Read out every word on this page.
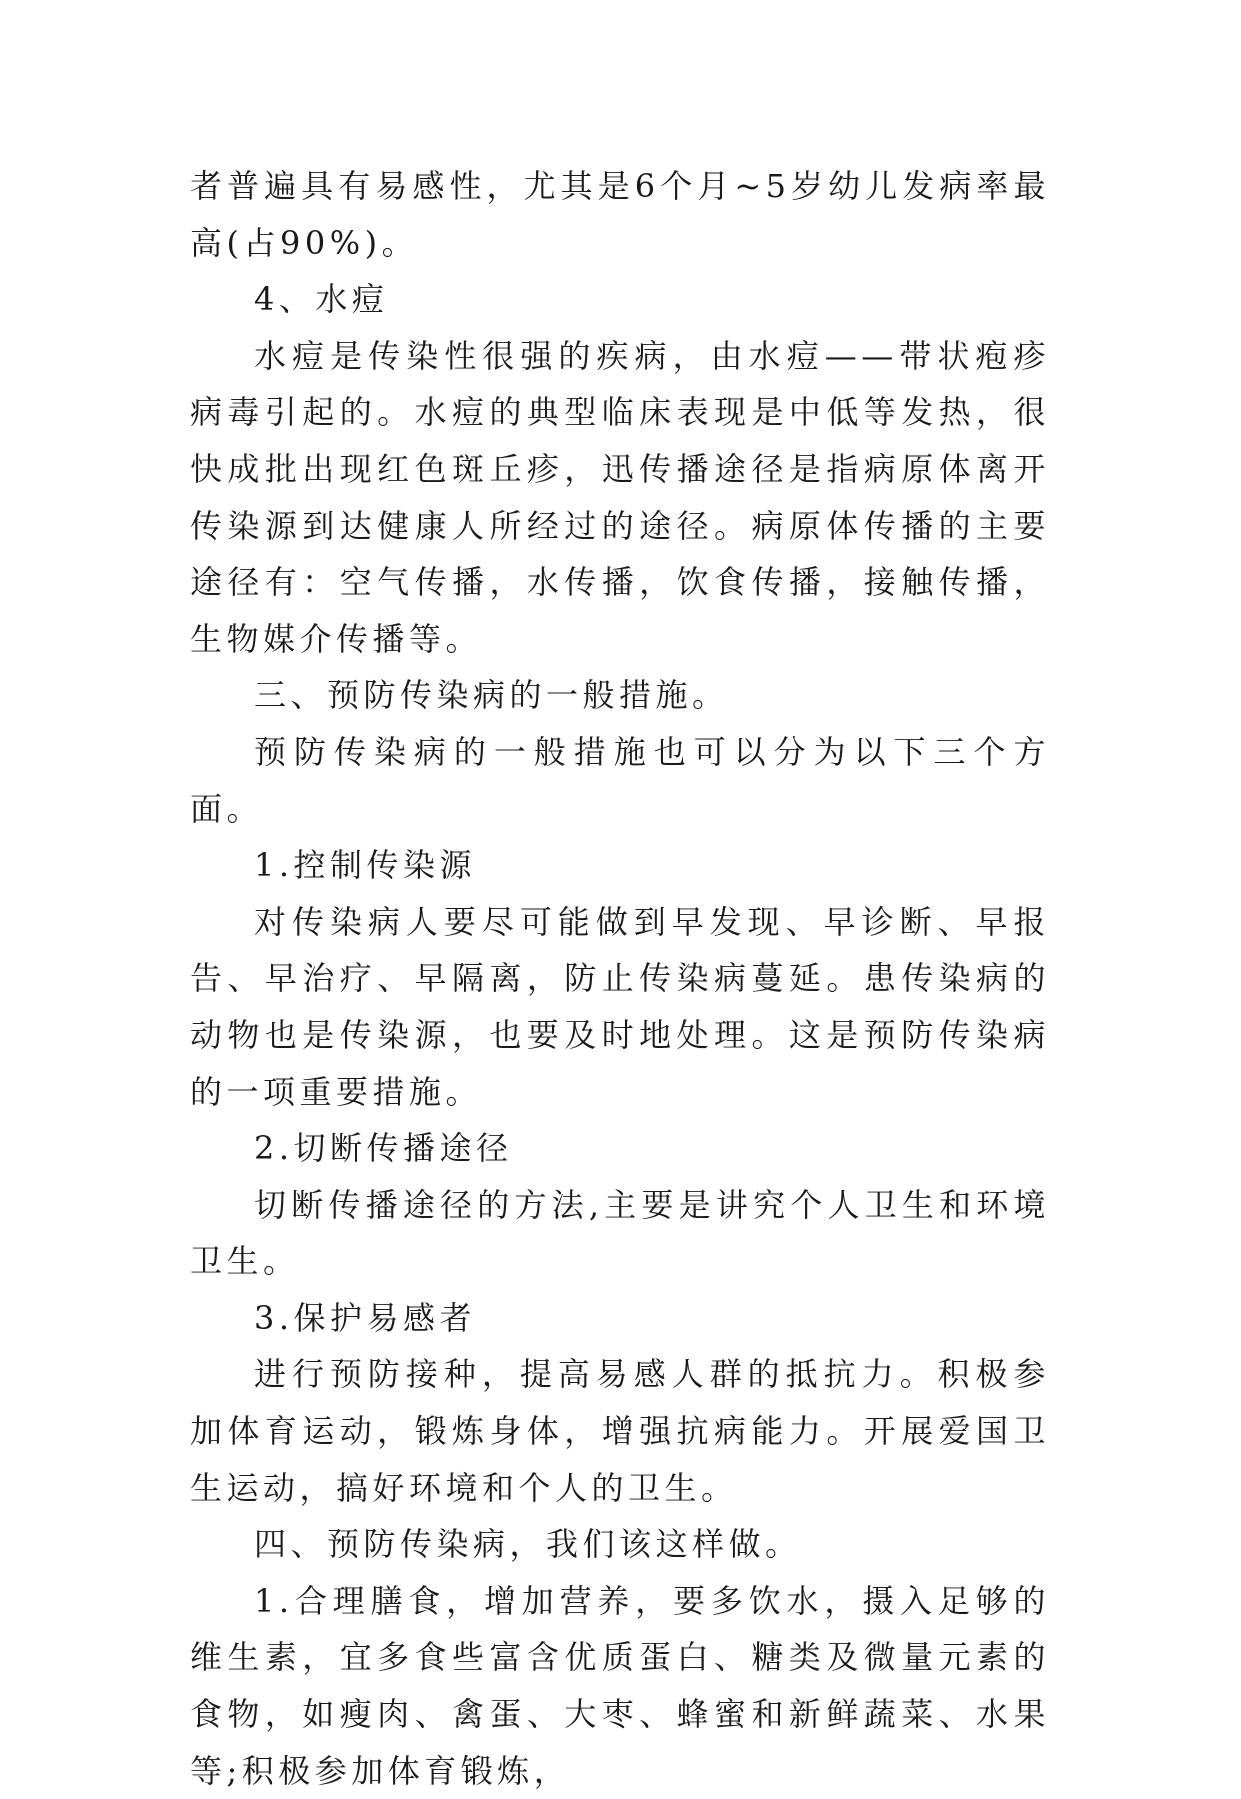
者普遍具有易感性，尤其是6个月~5岁幼儿发病率最高(占90%)。

4、水痘

水痘是传染性很强的疾病，由水痘——带状疱疹病毒引起的。水痘的典型临床表现是中低等发热，很快成批出现红色斑丘疹，迅传播途径是指病原体离开传染源到达健康人所经过的途径。病原体传播的主要途径有：空气传播，水传播，饮食传播，接触传播，生物媒介传播等。

三、预防传染病的一般措施。

预防传染病的一般措施也可以分为以下三个方面。

1.控制传染源

对传染病人要尽可能做到早发现、早诊断、早报告、早治疗、早隔离，防止传染病蔓延。患传染病的动物也是传染源，也要及时地处理。这是预防传染病的一项重要措施。

2.切断传播途径

切断传播途径的方法,主要是讲究个人卫生和环境卫生。

3.保护易感者

进行预防接种，提高易感人群的抵抗力。积极参加体育运动，锻炼身体，增强抗病能力。开展爱国卫生运动，搞好环境和个人的卫生。

四、预防传染病，我们该这样做。

1.合理膳食，增加营养，要多饮水，摄入足够的维生素，宜多食些富含优质蛋白、糖类及微量元素的食物，如瘦肉、禽蛋、大枣、蜂蜜和新鲜蔬菜、水果等;积极参加体育锻炼，
